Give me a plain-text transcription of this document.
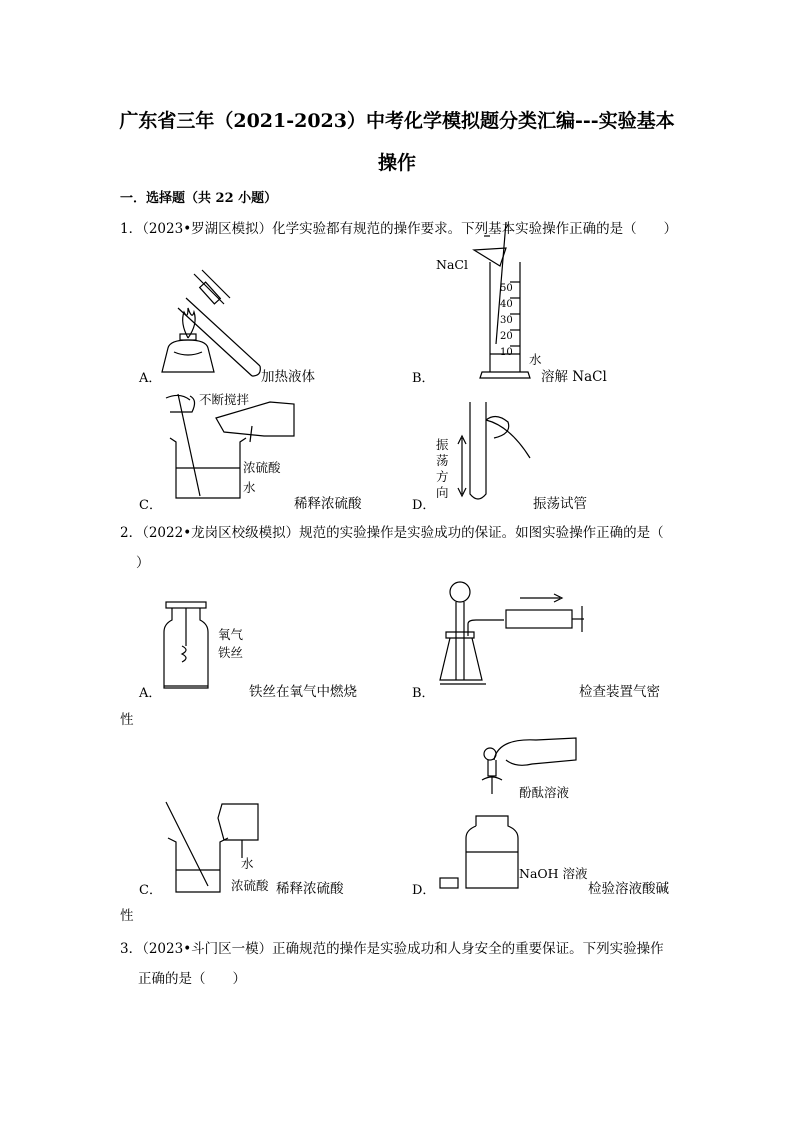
广东省三年（2021-2023）中考化学模拟题分类汇编---实验基本
操作
一．选择题（共 22 小题）
1．（2023•罗湖区模拟）化学实验都有规范的操作要求。下列基本实验操作正确的是（　　）
A．	加热液体
NaCl
50
40
30
20
10 水
B．	溶解 NaCl
不断搅拌
浓硫酸
水
C．	稀释浓硫酸
振
荡
方
向
D．	振荡试管
2．（2022•龙岗区校级模拟）规范的实验操作是实验成功的保证。如图实验操作正确的是（
）
氧气
铁丝
A．	铁丝在氧气中燃烧	B．	检查装置气密
性
水
浓硫酸
C．	稀释浓硫酸
酚酞溶液
NaOH 溶液
D．	检验溶液酸碱
性
3．（2023•斗门区一模）正确规范的操作是实验成功和人身安全的重要保证。下列实验操作
正确的是（　　）
